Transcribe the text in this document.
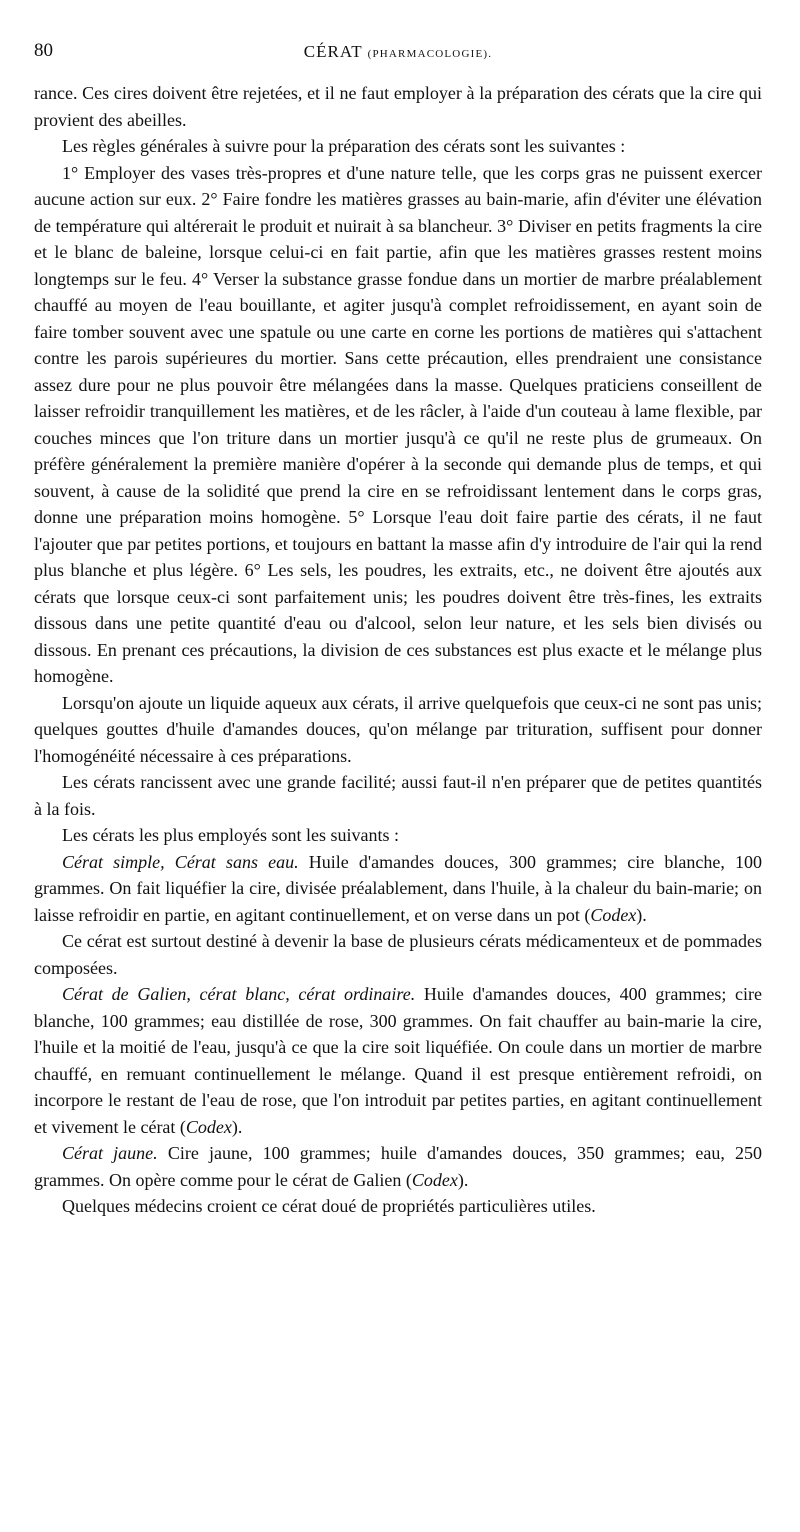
80	CÉRAT (PHARMACOLOGIE).

rance. Ces cires doivent être rejetées, et il ne faut employer à la préparation des cérats que la cire qui provient des abeilles.

Les règles générales à suivre pour la préparation des cérats sont les suivantes :

1° Employer des vases très-propres et d'une nature telle, que les corps gras ne puissent exercer aucune action sur eux. 2° Faire fondre les matières grasses au bain-marie, afin d'éviter une élévation de température qui altérerait le produit et nuirait à sa blancheur. 3° Diviser en petits fragments la cire et le blanc de baleine, lorsque celui-ci en fait partie, afin que les matières grasses restent moins longtemps sur le feu. 4° Verser la substance grasse fondue dans un mortier de marbre préalablement chauffé au moyen de l'eau bouillante, et agiter jusqu'à complet refroidissement, en ayant soin de faire tomber souvent avec une spatule ou une carte en corne les portions de matières qui s'attachent contre les parois supérieures du mortier. Sans cette précaution, elles prendraient une consistance assez dure pour ne plus pouvoir être mélangées dans la masse. Quelques praticiens conseillent de laisser refroidir tranquillement les matières, et de les râcler, à l'aide d'un couteau à lame flexible, par couches minces que l'on triture dans un mortier jusqu'à ce qu'il ne reste plus de grumeaux. On préfère généralement la première manière d'opérer à la seconde qui demande plus de temps, et qui souvent, à cause de la solidité que prend la cire en se refroidissant lentement dans le corps gras, donne une préparation moins homogène. 5° Lorsque l'eau doit faire partie des cérats, il ne faut l'ajouter que par petites portions, et toujours en battant la masse afin d'y introduire de l'air qui la rend plus blanche et plus légère. 6° Les sels, les poudres, les extraits, etc., ne doivent être ajoutés aux cérats que lorsque ceux-ci sont parfaitement unis; les poudres doivent être très-fines, les extraits dissous dans une petite quantité d'eau ou d'alcool, selon leur nature, et les sels bien divisés ou dissous. En prenant ces précautions, la division de ces substances est plus exacte et le mélange plus homogène.

Lorsqu'on ajoute un liquide aqueux aux cérats, il arrive quelquefois que ceux-ci ne sont pas unis; quelques gouttes d'huile d'amandes douces, qu'on mélange par trituration, suffisent pour donner l'homogénéité nécessaire à ces préparations.

Les cérats rancissent avec une grande facilité; aussi faut-il n'en préparer que de petites quantités à la fois.

Les cérats les plus employés sont les suivants :

Cérat simple, Cérat sans eau. Huile d'amandes douces, 300 grammes; cire blanche, 100 grammes. On fait liquéfier la cire, divisée préalablement, dans l'huile, à la chaleur du bain-marie; on laisse refroidir en partie, en agitant continuellement, et on verse dans un pot (Codex).

Ce cérat est surtout destiné à devenir la base de plusieurs cérats médicamenteux et de pommades composées.

Cérat de Galien, cérat blanc, cérat ordinaire. Huile d'amandes douces, 400 grammes; cire blanche, 100 grammes; eau distillée de rose, 300 grammes. On fait chauffer au bain-marie la cire, l'huile et la moitié de l'eau, jusqu'à ce que la cire soit liquéfiée. On coule dans un mortier de marbre chauffé, en remuant continuellement le mélange. Quand il est presque entièrement refroidi, on incorpore le restant de l'eau de rose, que l'on introduit par petites parties, en agitant continuellement et vivement le cérat (Codex).

Cérat jaune. Cire jaune, 100 grammes; huile d'amandes douces, 350 grammes; eau, 250 grammes. On opère comme pour le cérat de Galien (Codex).

Quelques médecins croient ce cérat doué de propriétés particulières utiles.
